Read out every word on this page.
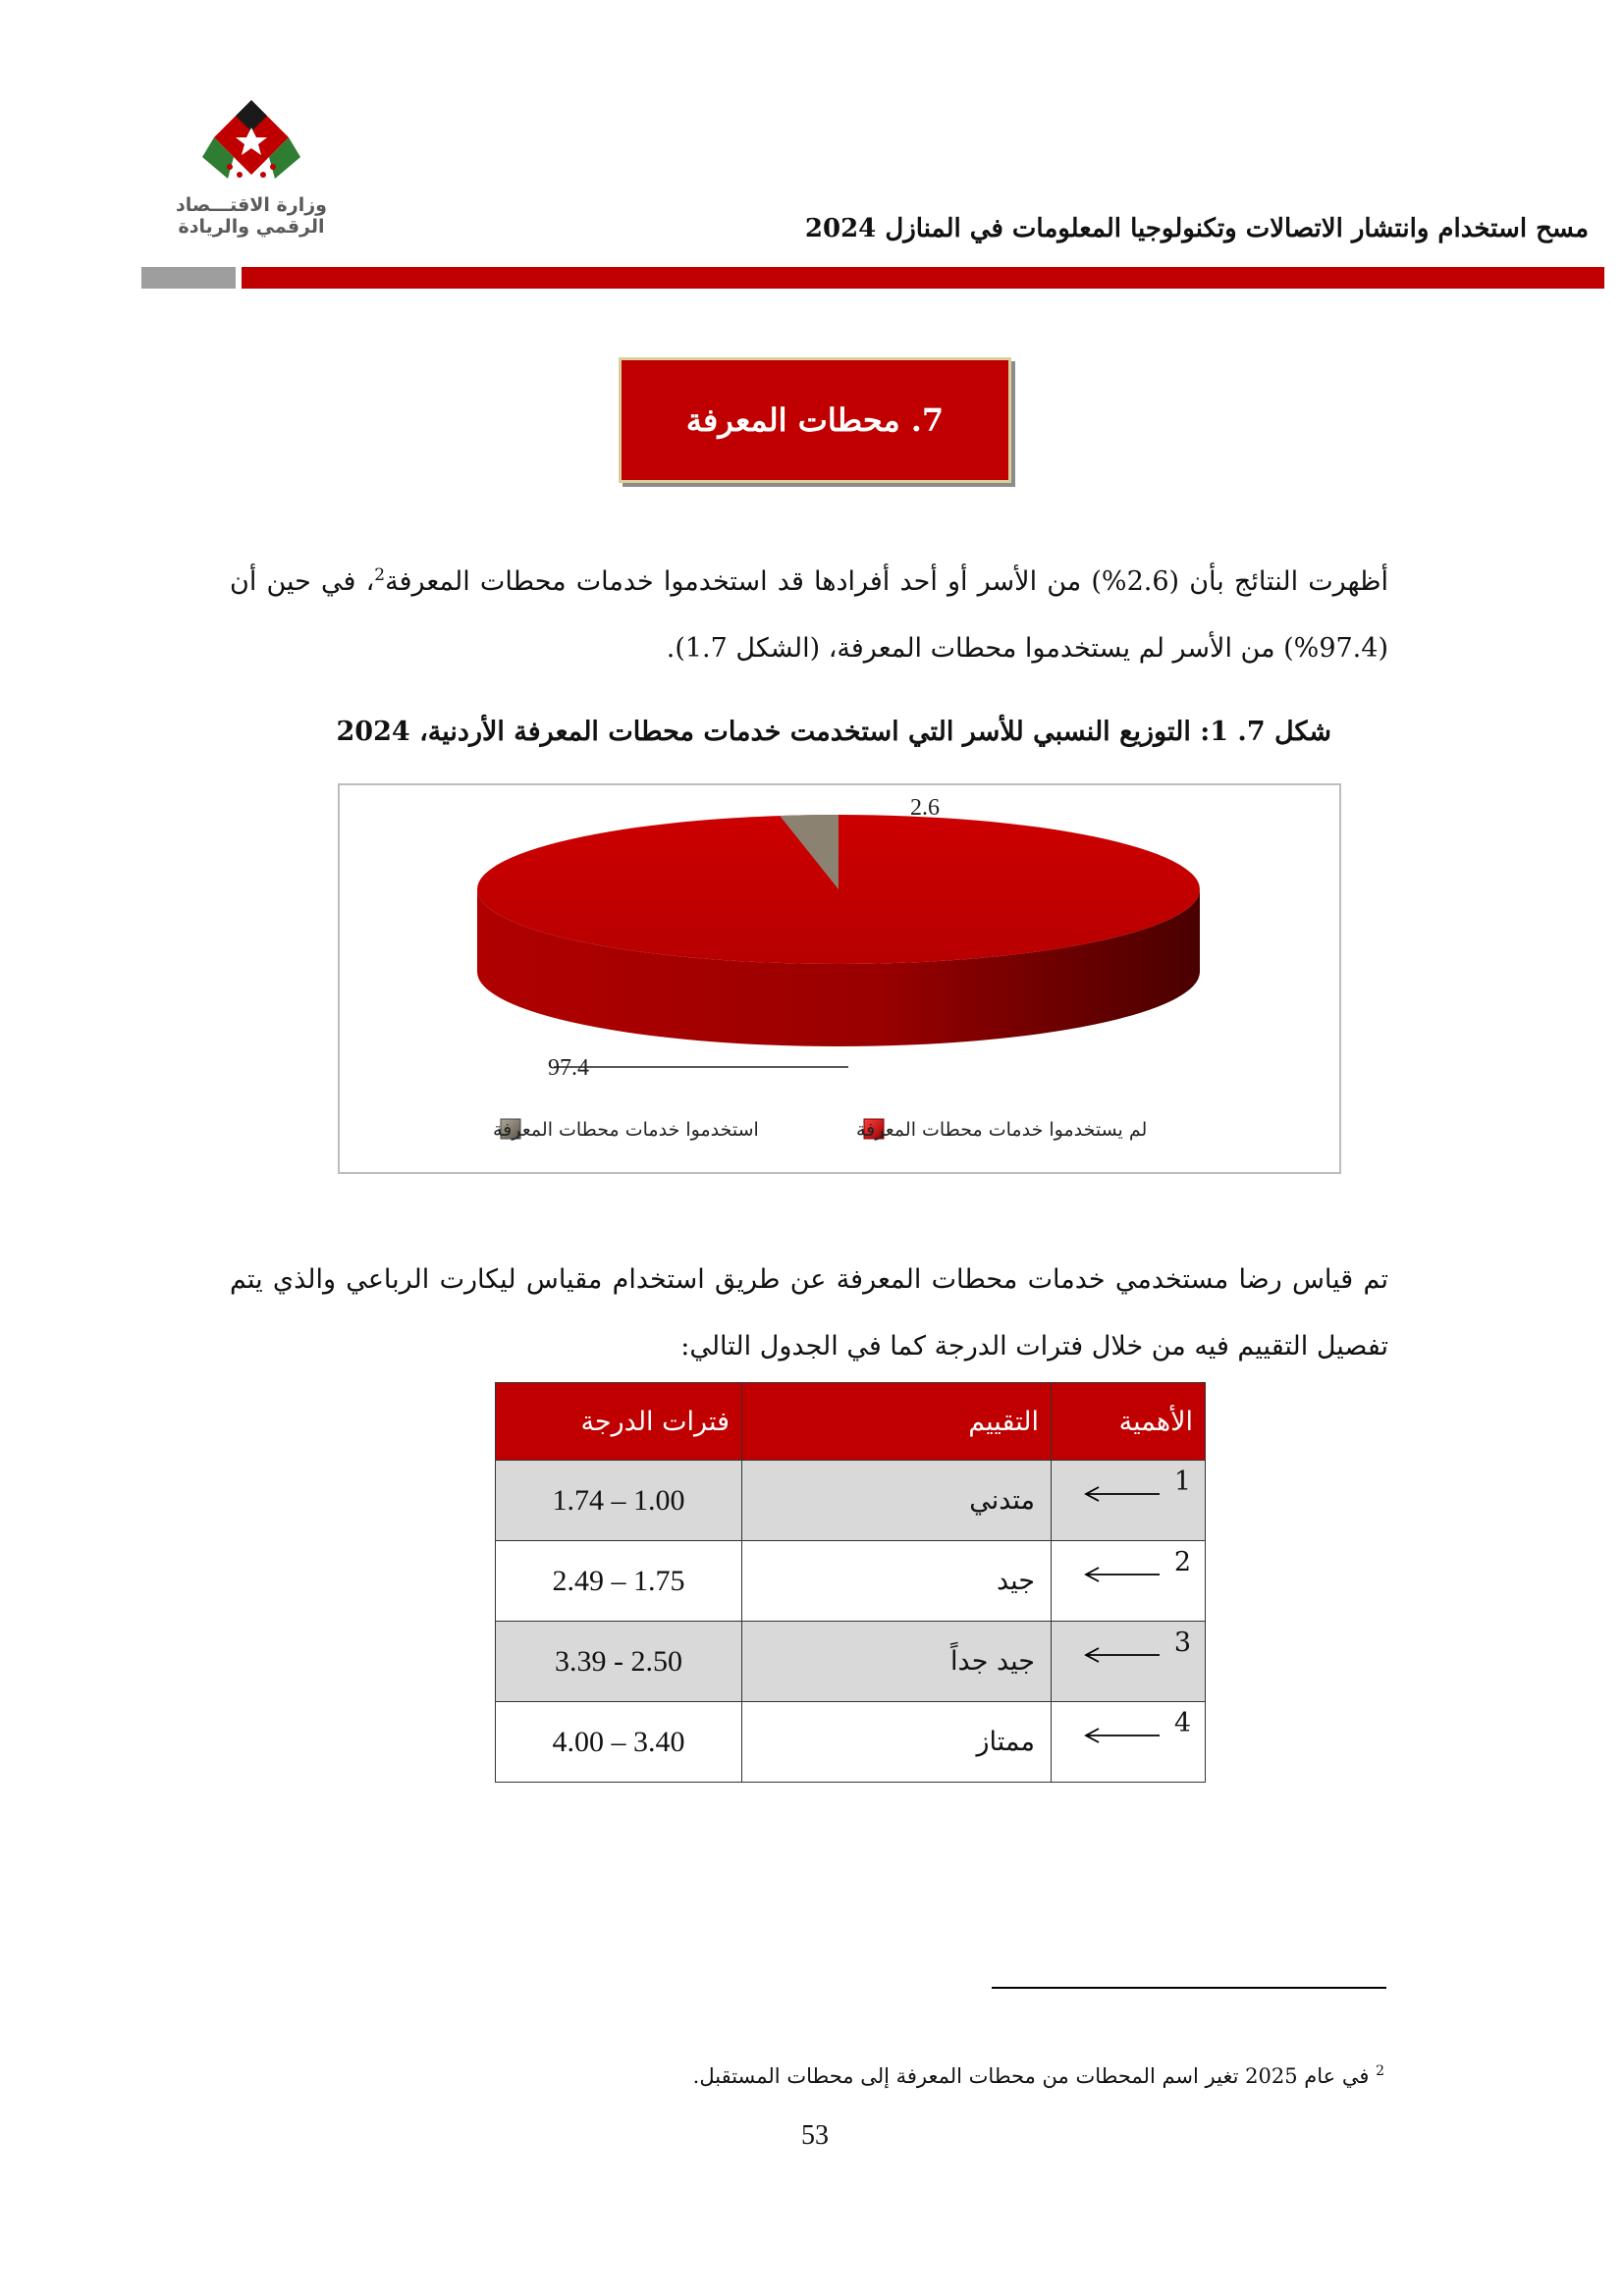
وزارة الاقتـــصاد
الرقمي والريادة	مسح استخدام وانتشار الاتصالات وتكنولوجيا المعلومات في المنازل 2024
7. محطات المعرفة

أظهرت النتائج بأن (2.6%) من الأسر أو أحد أفرادها قد استخدموا خدمات محطات المعرفة$^2$، في حين أن (97.4%) من الأسر لم يستخدموا محطات المعرفة، (الشكل 1.7).

شكل 7. 1: التوزيع النسبي للأسر التي استخدمت خدمات محطات المعرفة الأردنية، 2024
2.6
97.4
لم يستخدموا خدمات محطات المعرفة
استخدموا خدمات محطات المعرفة

تم قياس رضا مستخدمي خدمات محطات المعرفة عن طريق استخدام مقياس ليكارت الرباعي والذي يتم تفصيل التقييم فيه من خلال فترات الدرجة كما في الجدول التالي:

الأهمية	التقييم	فترات الدرجة

1	متدني	1.74 – 1.00

2	جيد	2.49 – 1.75

3	جيد جداً	3.39 - 2.50

4	ممتاز	4.00 – 3.40
$^2$ في عام 2025 تغير اسم المحطات من محطات المعرفة إلى محطات المستقبل.
53
